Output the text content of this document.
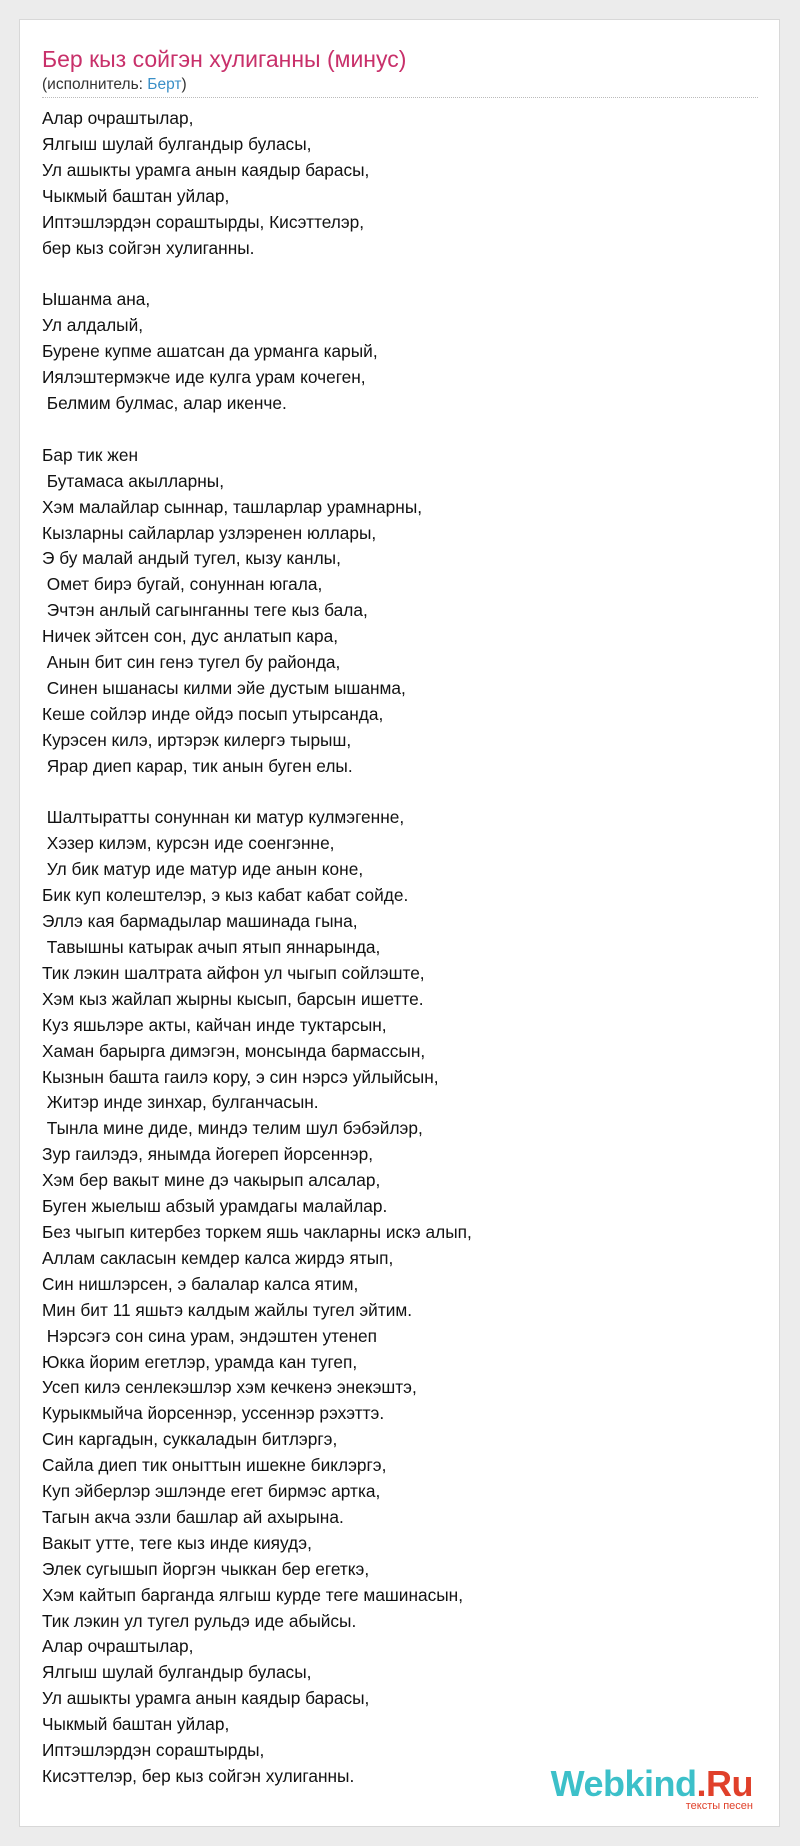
Бер кыз сойгэн хулиганны (минус)
(исполнитель: Берт)
Алар очраштылар,
Ялгыш шулай булгандыр буласы,
Ул ашыкты урамга анын каядыр барасы,
Чыкмый баштан уйлар,
Иптэшлэрдэн сораштырды, Кисэттелэр,
бер кыз сойгэн хулиганны.

Ышанма ана,
Ул алдалый,
Бурене купме ашатсан да урманга карый,
Иялэштермэкче иде кулга урам кочеген,
Белмим булмас, алар икенче.

Бар тик жен
Бутамаса акылларны,
Хэм малайлар сыннар, ташларлар урамнарны,
Кызларны сайларлар узлэренен юллары,
Э бу малай андый тугел, кызу канлы,
Омет бирэ бугай, сонуннан югала,
Эчтэн анлый сагынганны теге кыз бала,
Ничек эйтсен сон, дус анлатып кара,
Анын бит син генэ тугел бу районда,
Синен ышанасы килми эйе дустым ышанма,
Кеше сойлэр инде ойдэ посып утырсанда,
Курэсен килэ, иртэрэк килергэ тырыш,
Ярар диеп карар, тик анын буген елы.

Шалтыратты сонуннан ки матур кулмэгенне,
Хэзер килэм, курсэн иде соенгэнне,
Ул бик матур иде матур иде анын коне,
Бик куп колештелэр, э кыз кабат кабат сойде.
Эллэ кая бармадылар машинада гына,
Тавышны катырак ачып ятып яннарында,
Тик лэкин шалтрата айфон ул чыгып сойлэште,
Хэм кыз жайлап жырны кысып, барсын ишетте.
Куз яшьлэре акты, кайчан инде туктарсын,
Хаман барырга димэгэн, монсында бармассын,
Кызнын башта гаилэ кору, э син нэрсэ уйлыйсын,
Житэр инде зинхар, булганчасын.
Тынла мине диде, миндэ телим шул бэбэйлэр,
Зур гаилэдэ, янымда йогереп йорсеннэр,
Хэм бер вакыт мине дэ чакырып алсалар,
Буген жыелыш абзый урамдагы малайлар.
Без чыгып китербез торкем яшь чакларны искэ алып,
Аллам сакласын кемдер калса жирдэ ятып,
Син нишлэрсен, э балалар калса ятим,
Мин бит 11 яшьтэ калдым жайлы тугел эйтим.
Нэрсэгэ сон сина урам, эндэштен утенеп
Юкка йорим егетлэр, урамда кан тугеп,
Усеп килэ сенлекэшлэр хэм кечкенэ энекэштэ,
Курыкмыйча йорсеннэр, уссеннэр рэхэттэ.
Син каргадын, суккаладын битлэргэ,
Сайла диеп тик оныттын ишекне биклэргэ,
Куп эйберлэр эшлэнде егет бирмэс артка,
Тагын акча эзли башлар ай ахырына.
Вакыт утте, теге кыз инде кияудэ,
Элек сугышып йоргэн чыккан бер егеткэ,
Хэм кайтып барганда ялгыш курде теге машинасын,
Тик лэкин ул тугел рульдэ иде абыйсы.
Алар очраштылар,
Ялгыш шулай булгандыр буласы,
Ул ашыкты урамга анын каядыр барасы,
Чыкмый баштан уйлар,
Иптэшлэрдэн сораштырды,
Кисэттелэр, бер кыз сойгэн хулиганны.	Webkind.Ru
тексты песен
